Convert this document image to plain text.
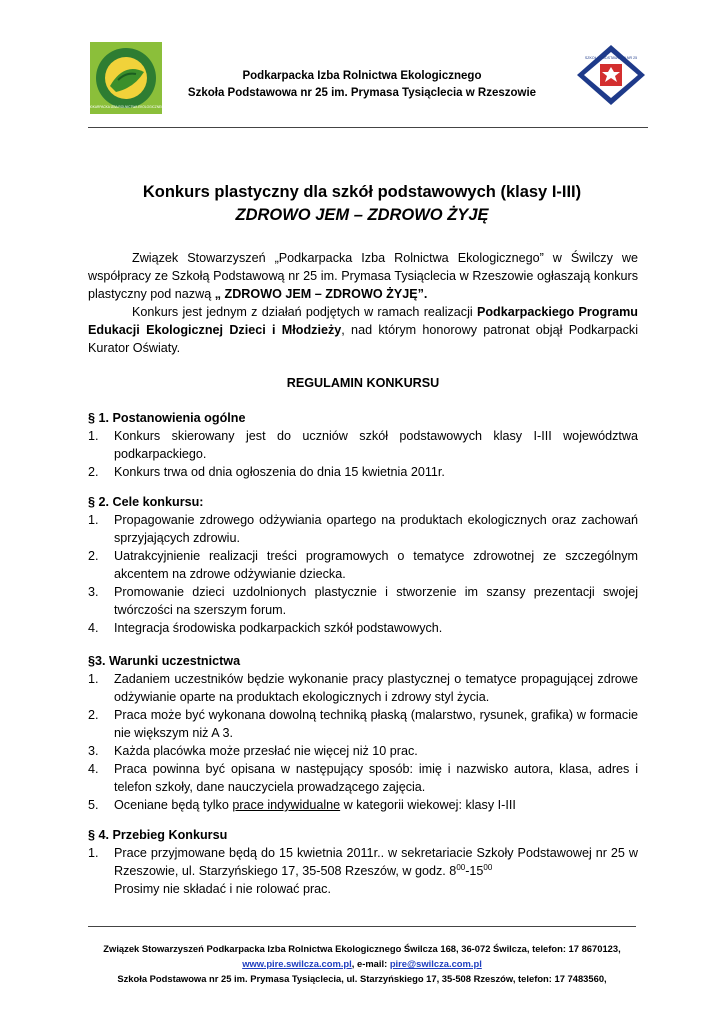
PODKARPACKA IZBA ROLNICTWA EKOLOGICZNEGO
SZKOŁA PODSTAWOWA NR 25
Podkarpacka Izba Rolnictwa Ekologicznego
Szkoła Podstawowa nr 25 im. Prymasa Tysiąclecia w Rzeszowie
Konkurs plastyczny dla szkół podstawowych (klasy I-III)
ZDROWO JEM – ZDROWO ŻYJĘ
Związek Stowarzyszeń „Podkarpacka Izba Rolnictwa Ekologicznego” w Świlczy we współpracy ze Szkołą Podstawową nr 25 im. Prymasa Tysiąclecia w Rzeszowie ogłaszają konkurs plastyczny pod nazwą „ ZDROWO JEM – ZDROWO ŻYJĘ”.
Konkurs jest jednym z działań podjętych w ramach realizacji Podkarpackiego Programu Edukacji Ekologicznej Dzieci i Młodzieży, nad którym honorowy patronat objął Podkarpacki Kurator Oświaty.
REGULAMIN KONKURSU
§ 1. Postanowienia ogólne
1. Konkurs skierowany jest do uczniów szkół podstawowych klasy I-III województwa podkarpackiego.
2. Konkurs trwa od dnia ogłoszenia do dnia 15 kwietnia 2011r.
§ 2. Cele konkursu:
1. Propagowanie zdrowego odżywiania opartego na produktach ekologicznych oraz zachowań sprzyjających zdrowiu.
2. Uatrakcyjnienie realizacji treści programowych o tematyce zdrowotnej ze szczególnym akcentem na zdrowe odżywianie dziecka.
3. Promowanie dzieci uzdolnionych plastycznie i stworzenie im szansy prezentacji swojej twórczości na szerszym forum.
4. Integracja środowiska podkarpackich szkół podstawowych.
§3. Warunki uczestnictwa
1. Zadaniem uczestników będzie wykonanie pracy plastycznej o tematyce propagującej zdrowe odżywianie oparte na produktach ekologicznych i zdrowy styl życia.
2. Praca może być wykonana dowolną techniką płaską (malarstwo, rysunek, grafika) w formacie nie większym niż A 3.
3. Każda placówka może przesłać nie więcej niż 10 prac.
4. Praca powinna być opisana w następujący sposób: imię i nazwisko autora, klasa, adres i telefon szkoły, dane nauczyciela prowadzącego zajęcia.
5. Oceniane będą tylko prace indywidualne w kategorii wiekowej: klasy I-III
§ 4. Przebieg Konkursu
1. Prace przyjmowane będą do 15 kwietnia 2011r.. w sekretariacie Szkoły Podstawowej nr 25 w Rzeszowie, ul. Starzyńskiego 17, 35-508 Rzeszów, w godz. $8^{00}-15^{00}$
Prosimy nie składać i nie rolować prac.
Związek Stowarzyszeń Podkarpacka Izba Rolnictwa Ekologicznego Świlcza 168, 36-072 Świlcza, telefon: 17 8670123,
www.pire.swilcza.com.pl, e-mail: pire@swilcza.com.pl
Szkoła Podstawowa nr 25 im. Prymasa Tysiąclecia, ul. Starzyńskiego 17, 35-508 Rzeszów, telefon: 17 7483560,
